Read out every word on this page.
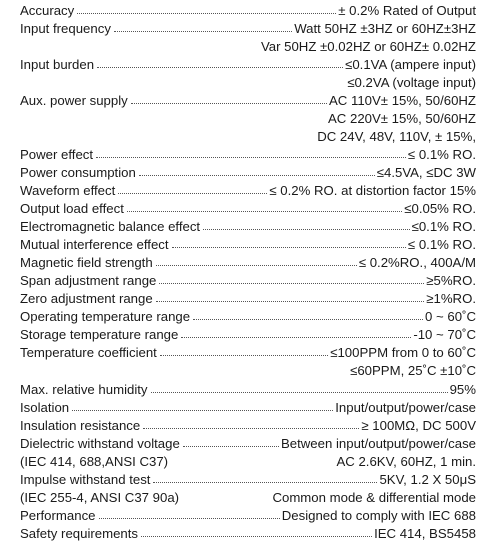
Accuracy	± 0.2% Rated of Output
Input frequency	Watt 50HZ ±3HZ or 60HZ±3HZ
Var 50HZ ±0.02HZ or 60HZ± 0.02HZ
Input burden	≤0.1VA (ampere input)
≤0.2VA (voltage input)
Aux. power supply	AC 110V± 15%, 50/60HZ
AC 220V± 15%, 50/60HZ
DC 24V, 48V, 110V, ± 15%,
Power effect	≤ 0.1% RO.
Power consumption	≤4.5VA, ≤DC 3W
Waveform effect	≤ 0.2% RO. at distortion factor 15%
Output load effect	≤0.05% RO.
Electromagnetic balance effect	≤0.1% RO.
Mutual interference effect	≤ 0.1% RO.
Magnetic field strength	≤ 0.2%RO., 400A/M
Span adjustment range	≥5%RO.
Zero adjustment range	≥1%RO.
Operating temperature range	0 ~ 60˚C
Storage temperature range	-10 ~ 70˚C
Temperature coefficient	≤100PPM from 0 to 60˚C
≤60PPM, 25˚C ±10˚C
Max. relative humidity	95%
Isolation	Input/output/power/case
Insulation resistance	≥ 100MΩ, DC 500V
Dielectric withstand voltage	Between input/output/power/case
(IEC 414, 688,ANSI C37)	AC 2.6KV, 60HZ, 1 min.
Impulse withstand test	5KV, 1.2 X 50μS
(IEC 255-4, ANSI C37 90a)	Common mode & differential mode
Performance	Designed to comply with IEC 688
Safety requirements	IEC 414, BS5458
